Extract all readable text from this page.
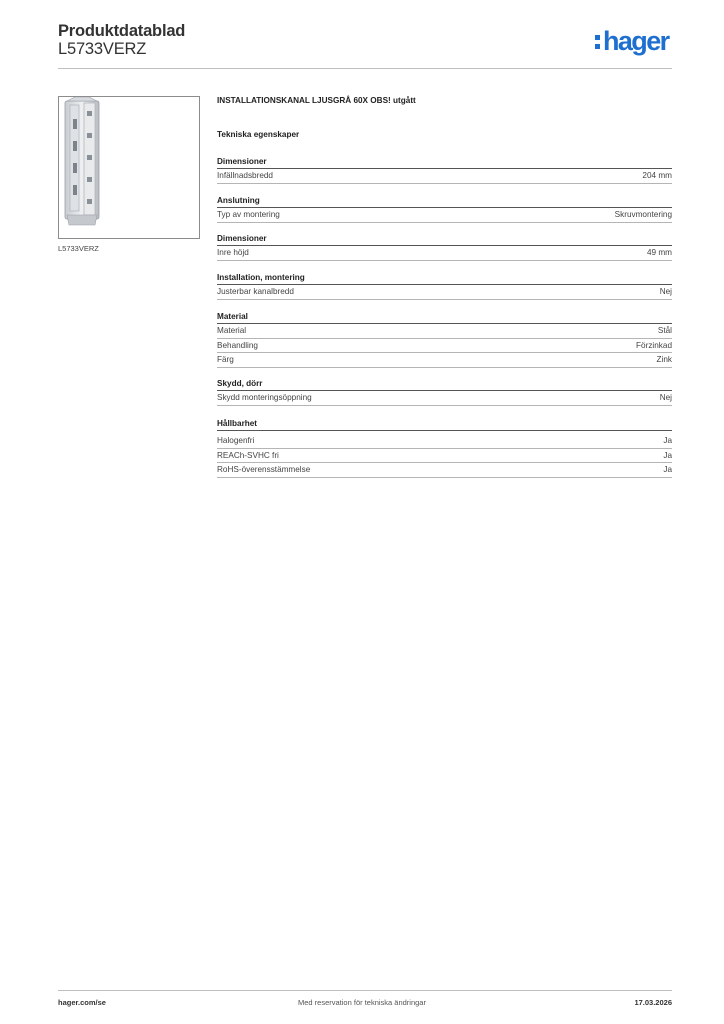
Produktdatablad
L5733VERZ	hager
L5733VERZ
INSTALLATIONSKANAL LJUSGRÅ 60X OBS! utgått
Tekniska egenskaper
Dimensioner
Infällnadsbredd	204 mm
Anslutning
Typ av montering	Skruvmontering
Dimensioner
Inre höjd	49 mm
Installation, montering
Justerbar kanalbredd	Nej
Material
Material	Stål
Behandling	Förzinkad
Färg	Zink
Skydd, dörr
Skydd monteringsöppning	Nej
Hållbarhet
Halogenfri	Ja
REACh-SVHC fri	Ja
RoHS-överensstämmelse	Ja
hager.com/se	Med reservation för tekniska ändringar	17.03.2026
